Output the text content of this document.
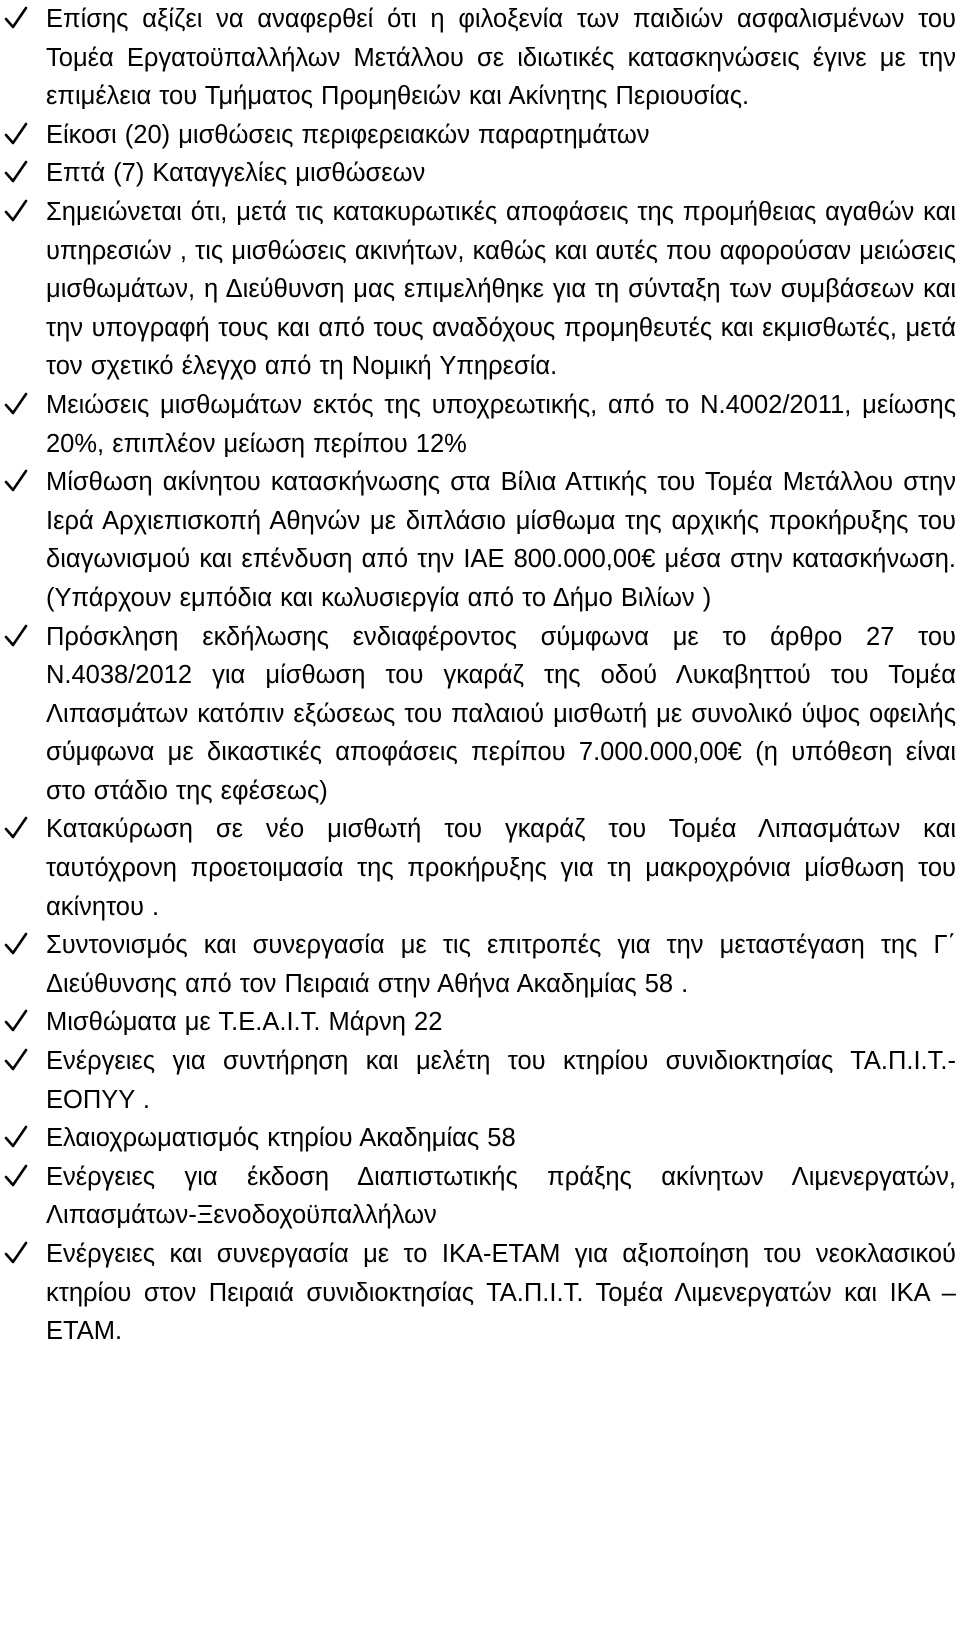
Επίσης αξίζει να αναφερθεί ότι η φιλοξενία των παιδιών ασφαλισμένων του Τομέα Εργατοϋπαλλήλων Μετάλλου σε ιδιωτικές κατασκηνώσεις έγινε με την επιμέλεια του Τμήματος Προμηθειών και Ακίνητης Περιουσίας.
Είκοσι (20) μισθώσεις περιφερειακών παραρτημάτων
Επτά (7) Καταγγελίες μισθώσεων
Σημειώνεται ότι, μετά τις κατακυρωτικές αποφάσεις της προμήθειας αγαθών και υπηρεσιών , τις μισθώσεις ακινήτων, καθώς και αυτές που αφορούσαν μειώσεις μισθωμάτων, η Διεύθυνση μας επιμελήθηκε για τη σύνταξη των συμβάσεων και την υπογραφή τους και από τους αναδόχους προμηθευτές και εκμισθωτές, μετά τον σχετικό έλεγχο από τη Νομική Υπηρεσία.
Μειώσεις μισθωμάτων εκτός της υποχρεωτικής, από το Ν.4002/2011, μείωσης 20%, επιπλέον μείωση περίπου 12%
Μίσθωση ακίνητου κατασκήνωσης στα Βίλια Αττικής του Τομέα Μετάλλου στην Ιερά Αρχιεπισκοπή Αθηνών με διπλάσιο μίσθωμα της αρχικής προκήρυξης του διαγωνισμού και επένδυση από την ΙΑΕ 800.000,00€ μέσα στην κατασκήνωση. (Υπάρχουν εμπόδια και κωλυσιεργία από το Δήμο Βιλίων )
Πρόσκληση εκδήλωσης ενδιαφέροντος σύμφωνα με το άρθρο 27 του Ν.4038/2012 για μίσθωση του γκαράζ της οδού Λυκαβηττού του Τομέα Λιπασμάτων κατόπιν εξώσεως του παλαιού μισθωτή με συνολικό ύψος οφειλής σύμφωνα με δικαστικές αποφάσεις περίπου 7.000.000,00€ (η υπόθεση είναι στο στάδιο της εφέσεως)
Κατακύρωση σε νέο μισθωτή του γκαράζ του Τομέα Λιπασμάτων και ταυτόχρονη προετοιμασία της προκήρυξης για τη μακροχρόνια μίσθωση του ακίνητου .
Συντονισμός και συνεργασία με τις επιτροπές για την μεταστέγαση της Γ΄ Διεύθυνσης από τον Πειραιά στην Αθήνα Ακαδημίας 58 .
Μισθώματα με Τ.Ε.Α.Ι.Τ. Μάρνη 22
Ενέργειες για συντήρηση και μελέτη του κτηρίου συνιδιοκτησίας ΤΑ.Π.Ι.Τ.-ΕΟΠΥΥ .
Ελαιοχρωματισμός κτηρίου Ακαδημίας 58
Ενέργειες για έκδοση Διαπιστωτικής πράξης ακίνητων Λιμενεργατών, Λιπασμάτων-Ξενοδοχοϋπαλλήλων
Ενέργειες και συνεργασία με το ΙΚΑ-ΕΤΑΜ για αξιοποίηση του νεοκλασικού κτηρίου στον Πειραιά συνιδιοκτησίας ΤΑ.Π.Ι.Τ. Τομέα Λιμενεργατών και ΙΚΑ –ΕΤΑΜ.
